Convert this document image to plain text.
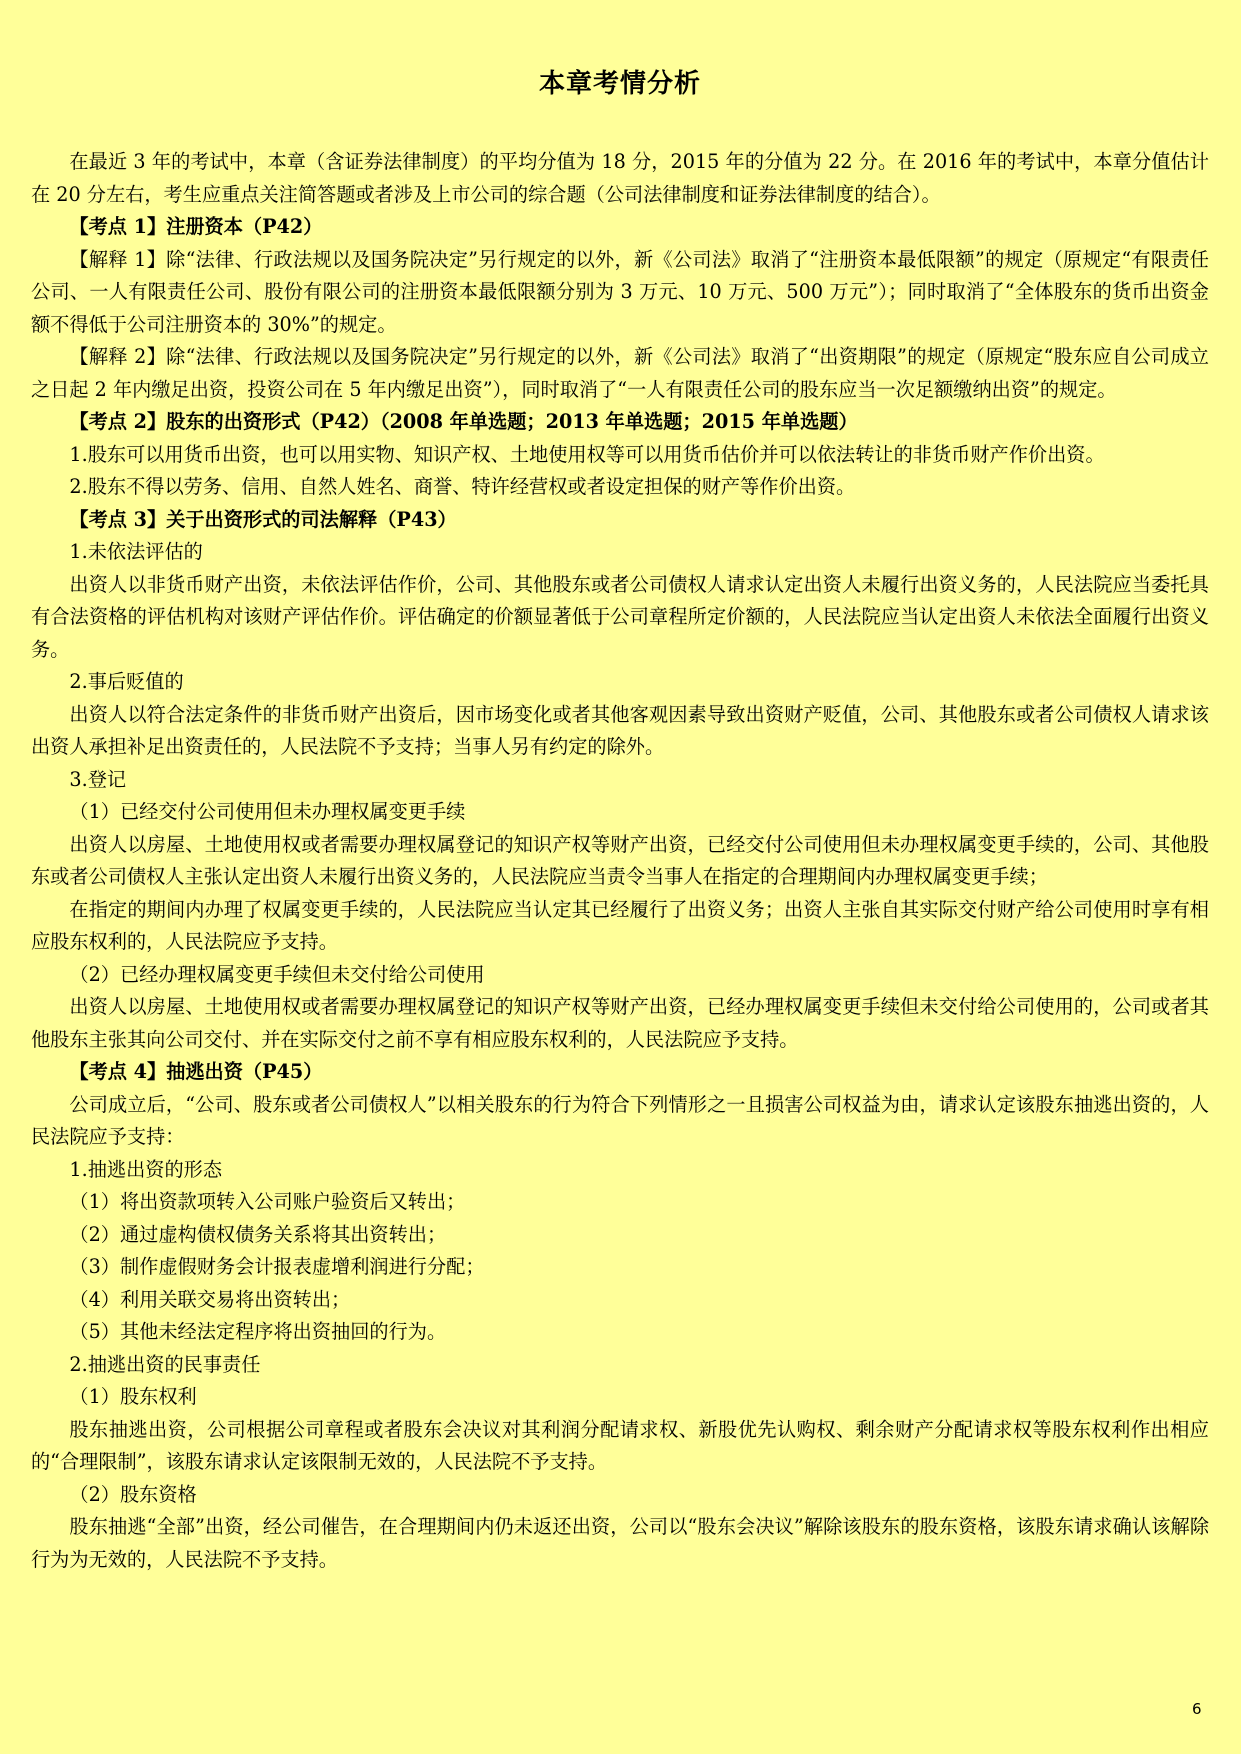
本章考情分析

在最近 3 年的考试中，本章（含证券法律制度）的平均分值为 18 分，2015 年的分值为 22 分。在 2016 年的考试中，本章分值估计在 20 分左右，考生应重点关注简答题或者涉及上市公司的综合题（公司法律制度和证券法律制度的结合）。

【考点 1】注册资本（P42）

【解释 1】除“法律、行政法规以及国务院决定”另行规定的以外，新《公司法》取消了“注册资本最低限额”的规定（原规定“有限责任公司、一人有限责任公司、股份有限公司的注册资本最低限额分别为 3 万元、10 万元、500 万元”）；同时取消了“全体股东的货币出资金额不得低于公司注册资本的 30%”的规定。

【解释 2】除“法律、行政法规以及国务院决定”另行规定的以外，新《公司法》取消了“出资期限”的规定（原规定“股东应自公司成立之日起 2 年内缴足出资，投资公司在 5 年内缴足出资”），同时取消了“一人有限责任公司的股东应当一次足额缴纳出资”的规定。

【考点 2】股东的出资形式（P42）（2008 年单选题；2013 年单选题；2015 年单选题）

1.股东可以用货币出资，也可以用实物、知识产权、土地使用权等可以用货币估价并可以依法转让的非货币财产作价出资。

2.股东不得以劳务、信用、自然人姓名、商誉、特许经营权或者设定担保的财产等作价出资。

【考点 3】关于出资形式的司法解释（P43）

1.未依法评估的

出资人以非货币财产出资，未依法评估作价，公司、其他股东或者公司债权人请求认定出资人未履行出资义务的，人民法院应当委托具有合法资格的评估机构对该财产评估作价。评估确定的价额显著低于公司章程所定价额的，人民法院应当认定出资人未依法全面履行出资义务。

2.事后贬值的

出资人以符合法定条件的非货币财产出资后，因市场变化或者其他客观因素导致出资财产贬值，公司、其他股东或者公司债权人请求该出资人承担补足出资责任的，人民法院不予支持；当事人另有约定的除外。

3.登记

（1）已经交付公司使用但未办理权属变更手续

出资人以房屋、土地使用权或者需要办理权属登记的知识产权等财产出资，已经交付公司使用但未办理权属变更手续的，公司、其他股东或者公司债权人主张认定出资人未履行出资义务的，人民法院应当责令当事人在指定的合理期间内办理权属变更手续；

在指定的期间内办理了权属变更手续的，人民法院应当认定其已经履行了出资义务；出资人主张自其实际交付财产给公司使用时享有相应股东权利的，人民法院应予支持。

（2）已经办理权属变更手续但未交付给公司使用

出资人以房屋、土地使用权或者需要办理权属登记的知识产权等财产出资，已经办理权属变更手续但未交付给公司使用的，公司或者其他股东主张其向公司交付、并在实际交付之前不享有相应股东权利的，人民法院应予支持。

【考点 4】抽逃出资（P45）

公司成立后，“公司、股东或者公司债权人”以相关股东的行为符合下列情形之一且损害公司权益为由，请求认定该股东抽逃出资的，人民法院应予支持：

1.抽逃出资的形态

（1）将出资款项转入公司账户验资后又转出；

（2）通过虚构债权债务关系将其出资转出；

（3）制作虚假财务会计报表虚增利润进行分配；

（4）利用关联交易将出资转出；

（5）其他未经法定程序将出资抽回的行为。

2.抽逃出资的民事责任

（1）股东权利

股东抽逃出资，公司根据公司章程或者股东会决议对其利润分配请求权、新股优先认购权、剩余财产分配请求权等股东权利作出相应的“合理限制”，该股东请求认定该限制无效的，人民法院不予支持。

（2）股东资格

股东抽逃“全部”出资，经公司催告，在合理期间内仍未返还出资，公司以“股东会决议”解除该股东的股东资格，该股东请求确认该解除行为为无效的，人民法院不予支持。

6
